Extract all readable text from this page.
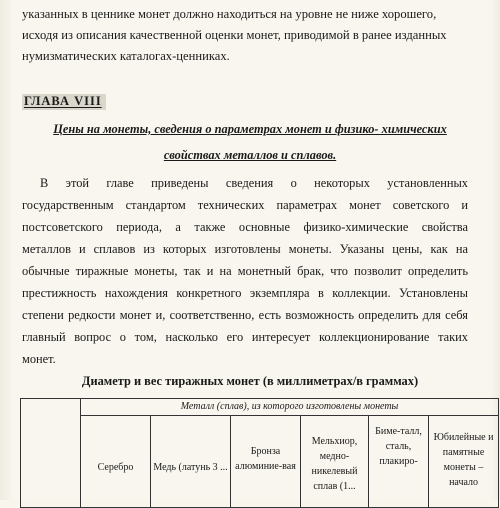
указанных в ценнике монет должно находиться на уровне не ниже хорошего,
исходя из описания качественной оценки монет, приводимой в ранее изданных
нумизматических каталогах-ценниках.
ГЛАВА VIII
Цены на монеты, сведения о параметрах монет и физико- химических
свойствах металлов и сплавов.
В этой главе приведены сведения о некоторых установленных
государственным стандартом технических параметрах монет советского и
постсоветского периода, а также основные физико-химические свойства
металлов и сплавов из которых изготовлены монеты. Указаны цены, как на
обычные тиражные монеты, так и на монетный брак, что позволит определить
престижность нахождения конкретного экземпляра в коллекции. Установлены
степени редкости монет и, соответственно, есть возможность определить для себя
главный вопрос о том, насколько его интересует коллекционирование таких
монет.
Диаметр и вес тиражных монет (в миллиметрах/в граммах)
	Металл (сплав), из которого изготовлены монеты					
	Серебро	Медь (латунь 3 ...	Бронза алюминие-вая	Мельхиор, медно-никелевый сплав (1...	Биме-талл, сталь, плакиро-	Юбилейные и памятные монеты – начало
